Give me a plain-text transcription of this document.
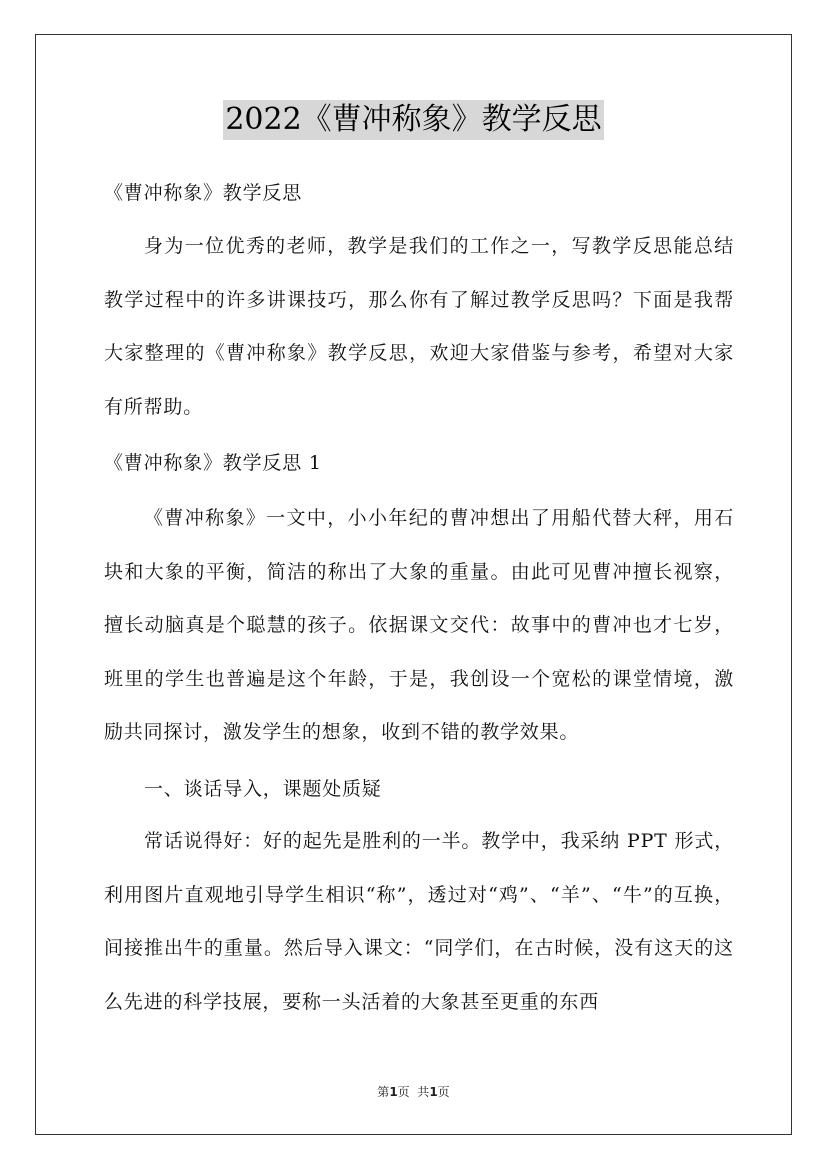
2022《曹冲称象》教学反思
《曹冲称象》教学反思

身为一位优秀的老师，教学是我们的工作之一，写教学反思能总结教学过程中的许多讲课技巧，那么你有了解过教学反思吗？下面是我帮大家整理的《曹冲称象》教学反思，欢迎大家借鉴与参考，希望对大家有所帮助。

《曹冲称象》教学反思 1

《曹冲称象》一文中，小小年纪的曹冲想出了用船代替大秤，用石块和大象的平衡，简洁的称出了大象的重量。由此可见曹冲擅长视察，擅长动脑真是个聪慧的孩子。依据课文交代：故事中的曹冲也才七岁，班里的学生也普遍是这个年龄，于是，我创设一个宽松的课堂情境，激励共同探讨，激发学生的想象，收到不错的教学效果。

一、谈话导入，课题处质疑

常话说得好：好的起先是胜利的一半。教学中，我采纳 PPT 形式，利用图片直观地引导学生相识“称”，透过对“鸡”、“羊”、“牛”的互换，间接推出牛的重量。然后导入课文：“同学们，在古时候，没有这天的这么先进的科学技展，要称一头活着的大象甚至更重的东西

第1页  共1页
